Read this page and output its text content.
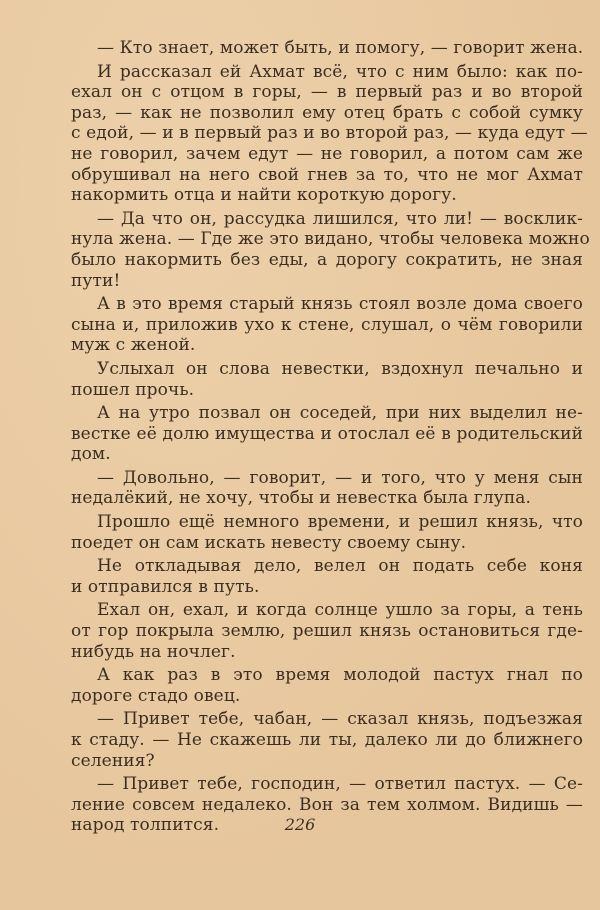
— Кто знает, может быть, и помогу, — говорит жена.
И рассказал ей Ахмат всё, что с ним было: как по-
ехал он с отцом в горы, — в первый раз и во второй
раз, — как не позволил ему отец брать с собой сумку
с едой, — и в первый раз и во второй раз, — куда едут —
не говорил, зачем едут — не говорил, а потом сам же
обрушивал на него свой гнев за то, что не мог Ахмат
накормить отца и найти короткую дорогу.
— Да что он, рассудка лишился, что ли! — восклик-
нула жена. — Где же это видано, чтобы человека можно
было накормить без еды, а дорогу сократить, не зная
пути!
А в это время старый князь стоял возле дома своего
сына и, приложив ухо к стене, слушал, о чём говорили
муж с женой.
Услыхал он слова невестки, вздохнул печально и
пошел прочь.
А на утро позвал он соседей, при них выделил не-
вестке её долю имущества и отослал её в родительский
дом.
— Довольно, — говорит, — и того, что у меня сын
недалёкий, не хочу, чтобы и невестка была глупа.
Прошло ещё немного времени, и решил князь, что
поедет он сам искать невесту своему сыну.
Не откладывая дело, велел он подать себе коня
и отправился в путь.
Ехал он, ехал, и когда солнце ушло за горы, а тень
от гор покрыла землю, решил князь остановиться где-
нибудь на ночлег.
А как раз в это время молодой пастух гнал по
дороге стадо овец.
— Привет тебе, чабан, — сказал князь, подъезжая
к стаду. — Не скажешь ли ты, далеко ли до ближнего
селения?
— Привет тебе, господин, — ответил пастух. — Се-
ление совсем недалеко. Вон за тем холмом. Видишь —
народ толпится.	226
